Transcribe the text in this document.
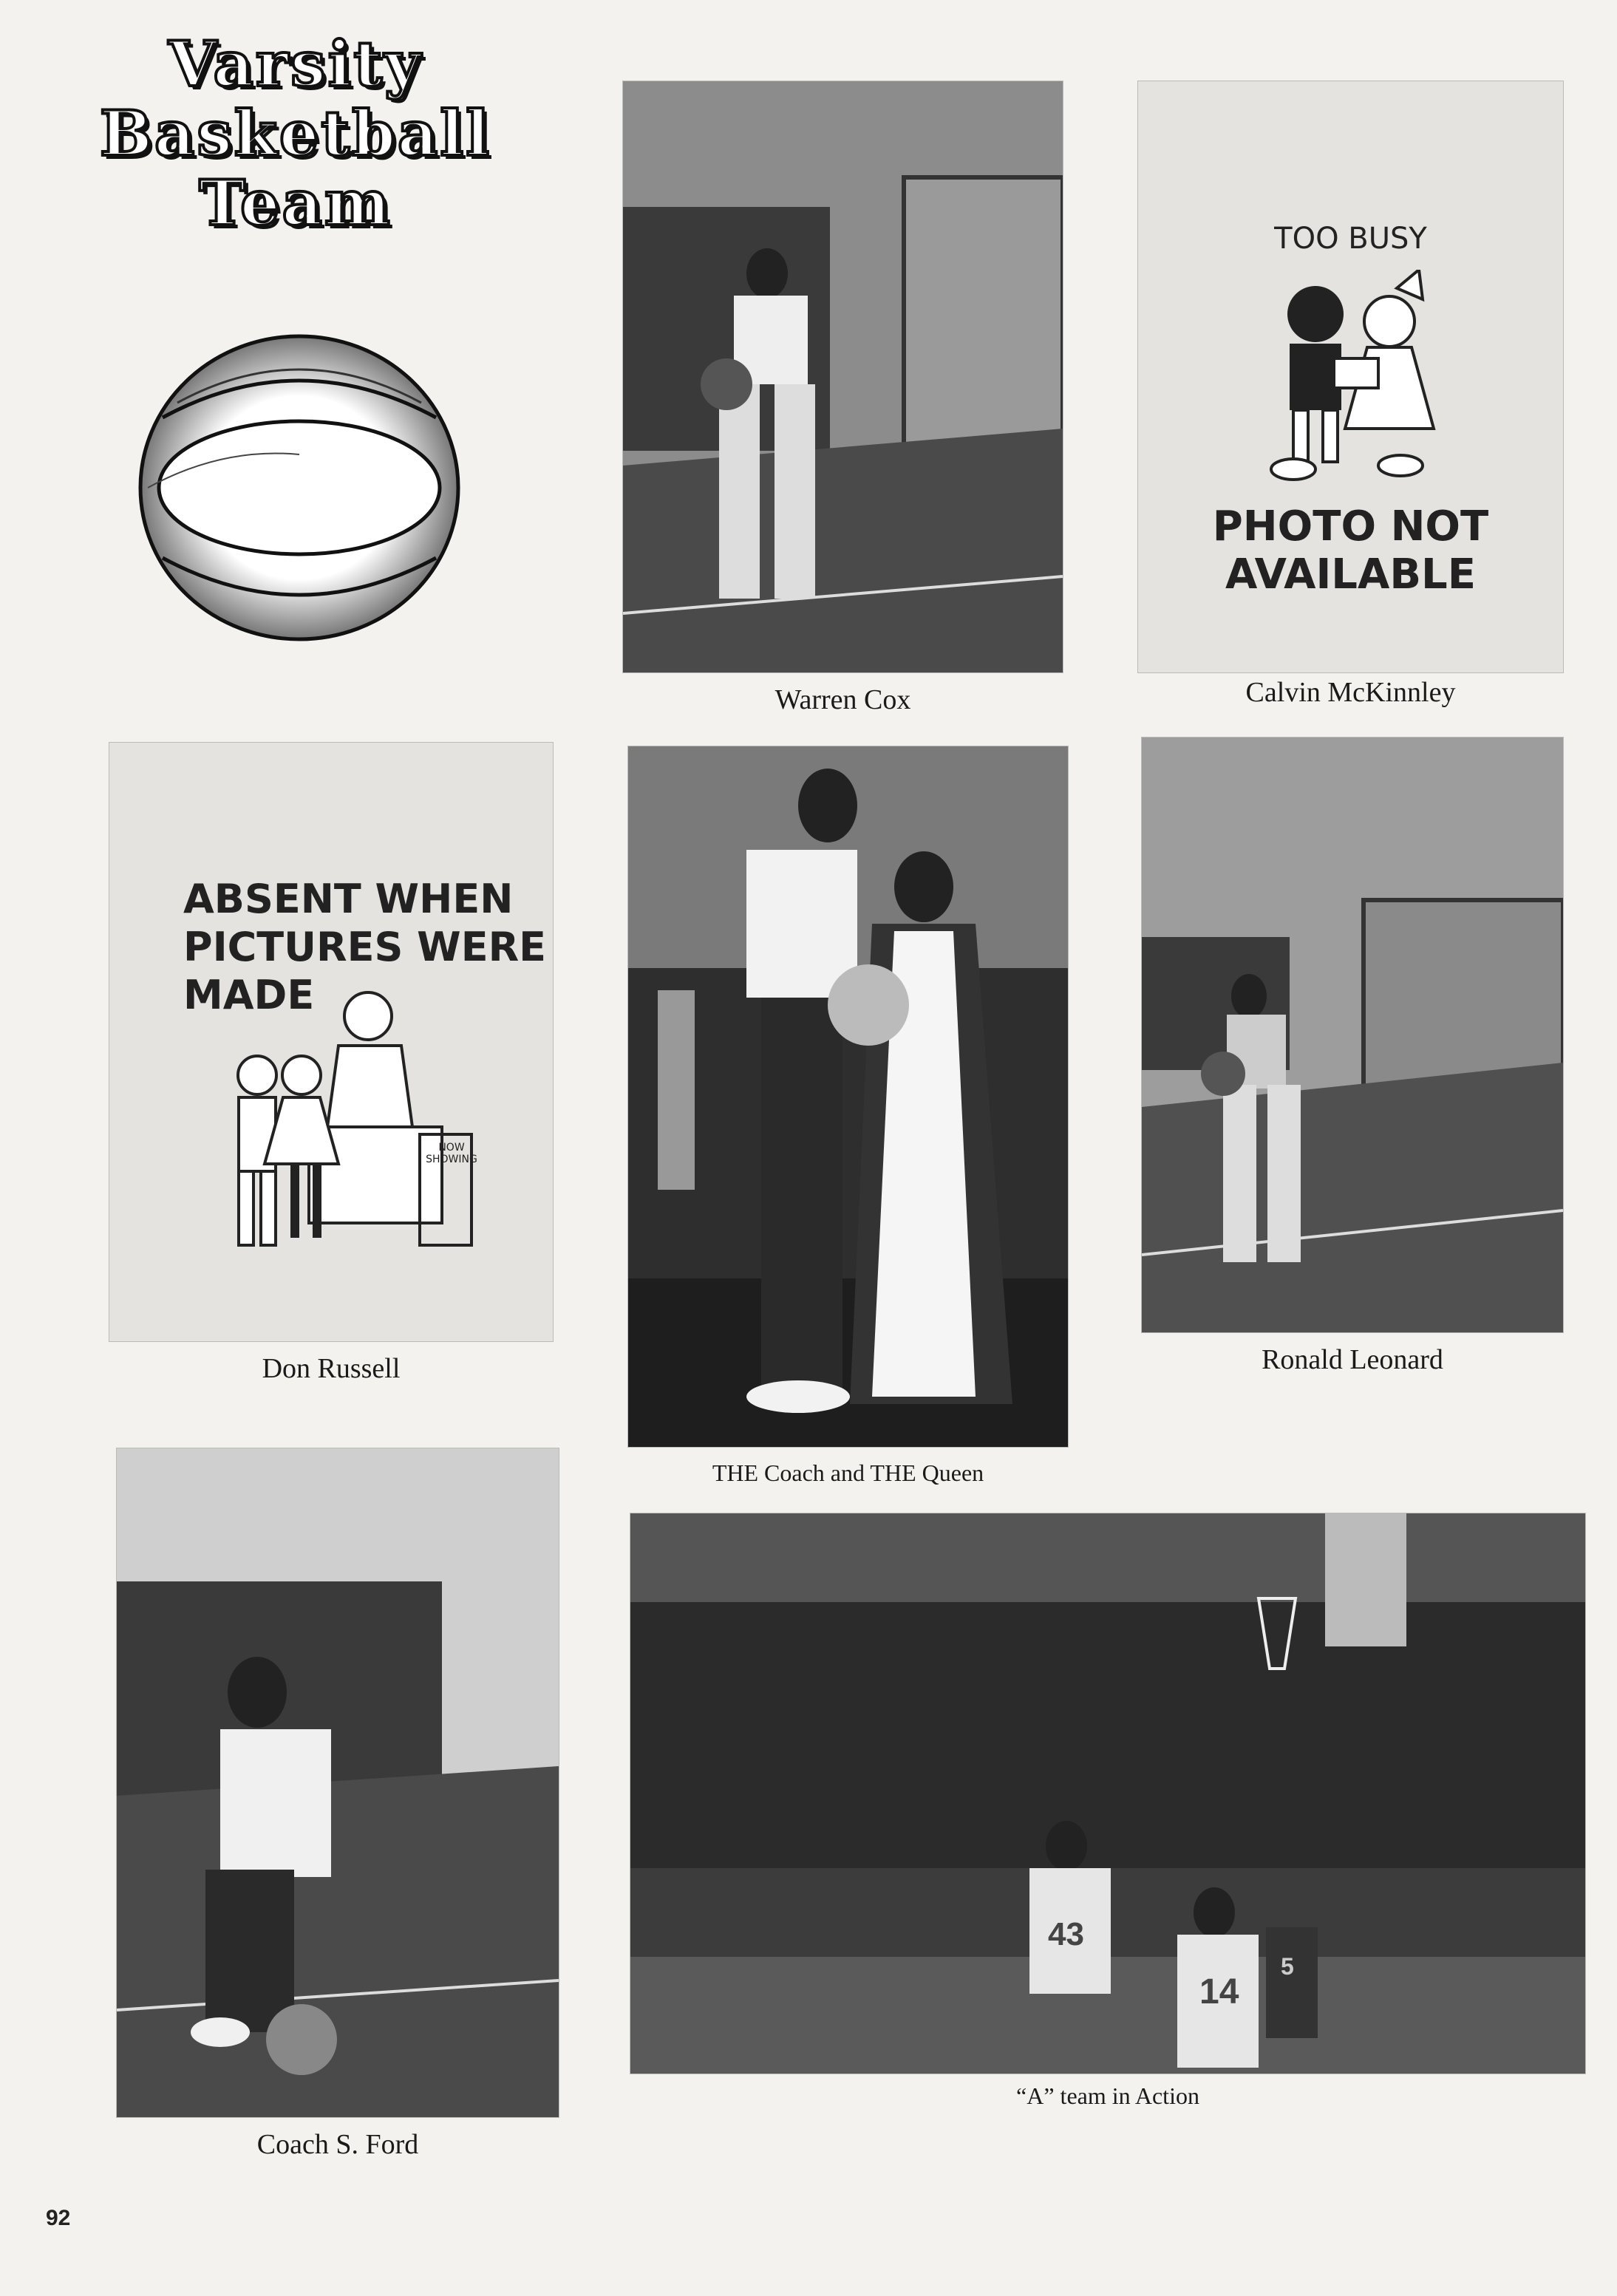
Varsity
Basketball
Team
Warren Cox
TOO BUSY
PHOTO NOT
AVAILABLE
Calvin McKinnley
ABSENT WHEN
PICTURES WERE
MADE
NOW SHOWING
Don Russell
THE Coach and THE Queen
Ronald Leonard
Coach S. Ford
43
14
5
“A” team in Action
92
